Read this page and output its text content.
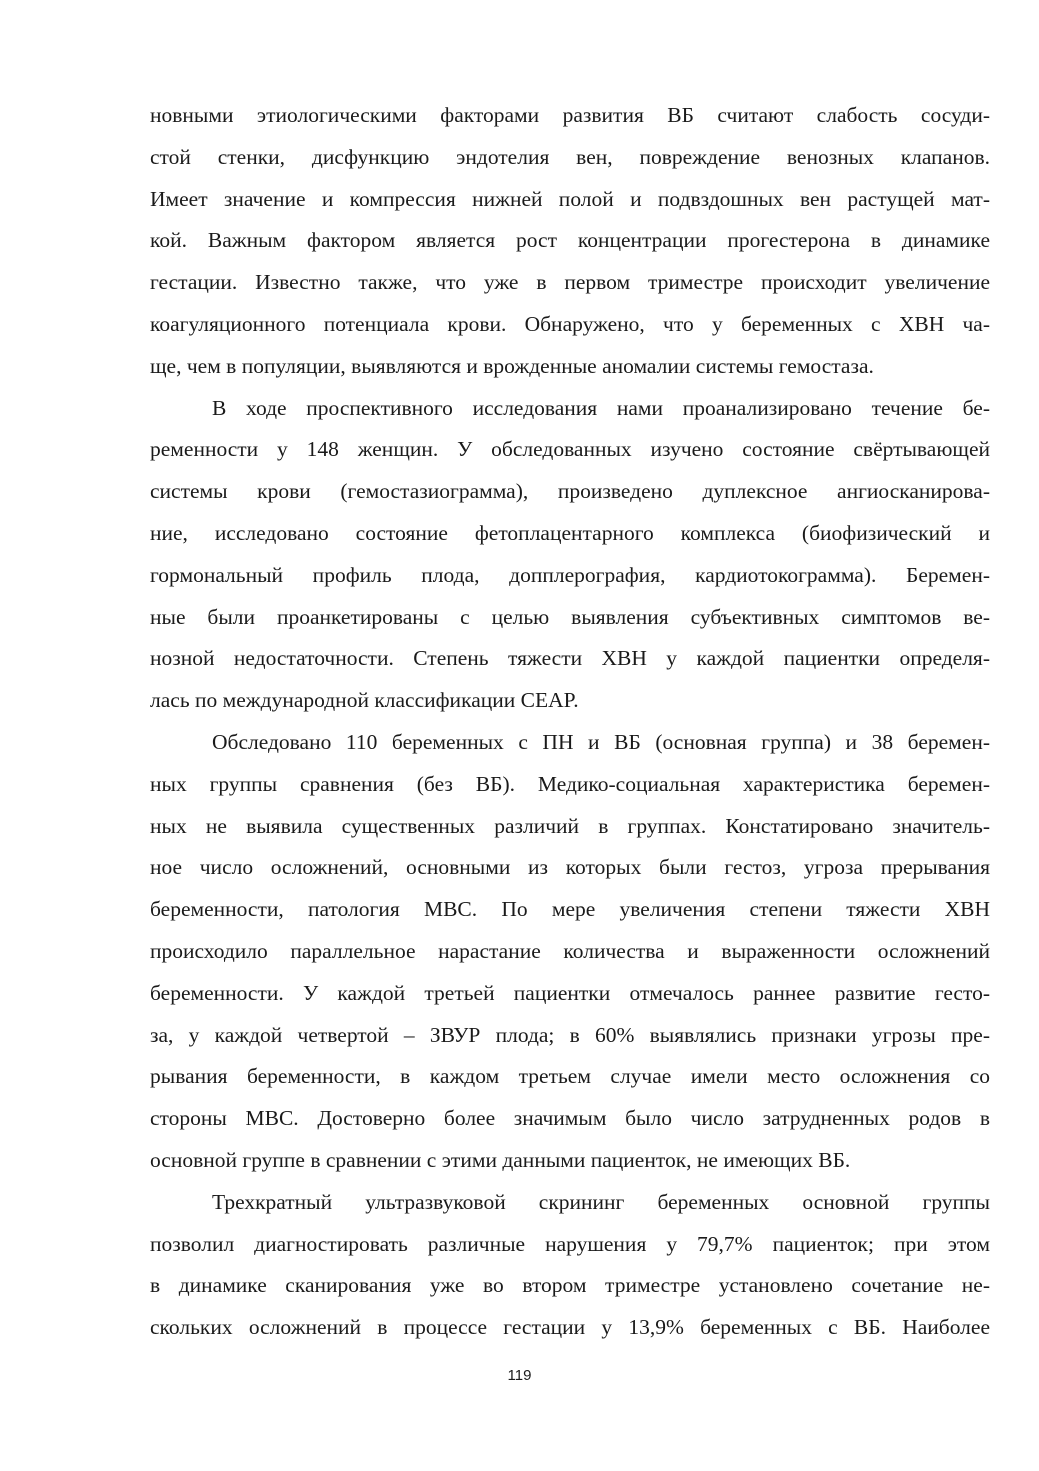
новными этиологическими факторами развития ВБ считают слабость сосуди-
стой стенки, дисфункцию эндотелия вен, повреждение венозных клапанов.
Имеет значение и компрессия нижней полой и подвздошных вен растущей мат-
кой. Важным фактором является рост концентрации прогестерона в динамике
гестации. Известно также, что уже в первом триместре происходит увеличение
коагуляционного потенциала крови. Обнаружено, что у беременных с ХВН ча-
ще, чем в популяции, выявляются и врожденные аномалии системы гемостаза.
В ходе проспективного исследования нами проанализировано течение бе-
ременности у 148 женщин. У обследованных изучено состояние свёртывающей
системы крови (гемостазиограмма), произведено дуплексное ангиосканирова-
ние, исследовано состояние фетоплацентарного комплекса (биофизический и
гормональный профиль плода, допплерография, кардиотокограмма). Беремен-
ные были проанкетированы с целью выявления субъективных симптомов ве-
нозной недостаточности. Степень тяжести ХВН у каждой пациентки определя-
лась по международной классификации CEAP.
Обследовано 110 беременных с ПН и ВБ (основная группа) и 38 беремен-
ных группы сравнения (без ВБ). Медико-социальная характеристика беремен-
ных не выявила существенных различий в группах. Констатировано значитель-
ное число осложнений, основными из которых были гестоз, угроза прерывания
беременности, патология МВС. По мере увеличения степени тяжести ХВН
происходило параллельное нарастание количества и выраженности осложнений
беременности. У каждой третьей пациентки отмечалось раннее развитие гесто-
за, у каждой четвертой – ЗВУР плода; в 60% выявлялись признаки угрозы пре-
рывания беременности, в каждом третьем случае имели место осложнения со
стороны МВС. Достоверно более значимым было число затрудненных родов в
основной группе в сравнении с этими данными пациенток, не имеющих ВБ.
Трехкратный ультразвуковой скрининг беременных основной группы
позволил диагностировать различные нарушения у 79,7% пациенток; при этом
в динамике сканирования уже во втором триместре установлено сочетание не-
скольких осложнений в процессе гестации у 13,9% беременных с ВБ. Наиболее
119
